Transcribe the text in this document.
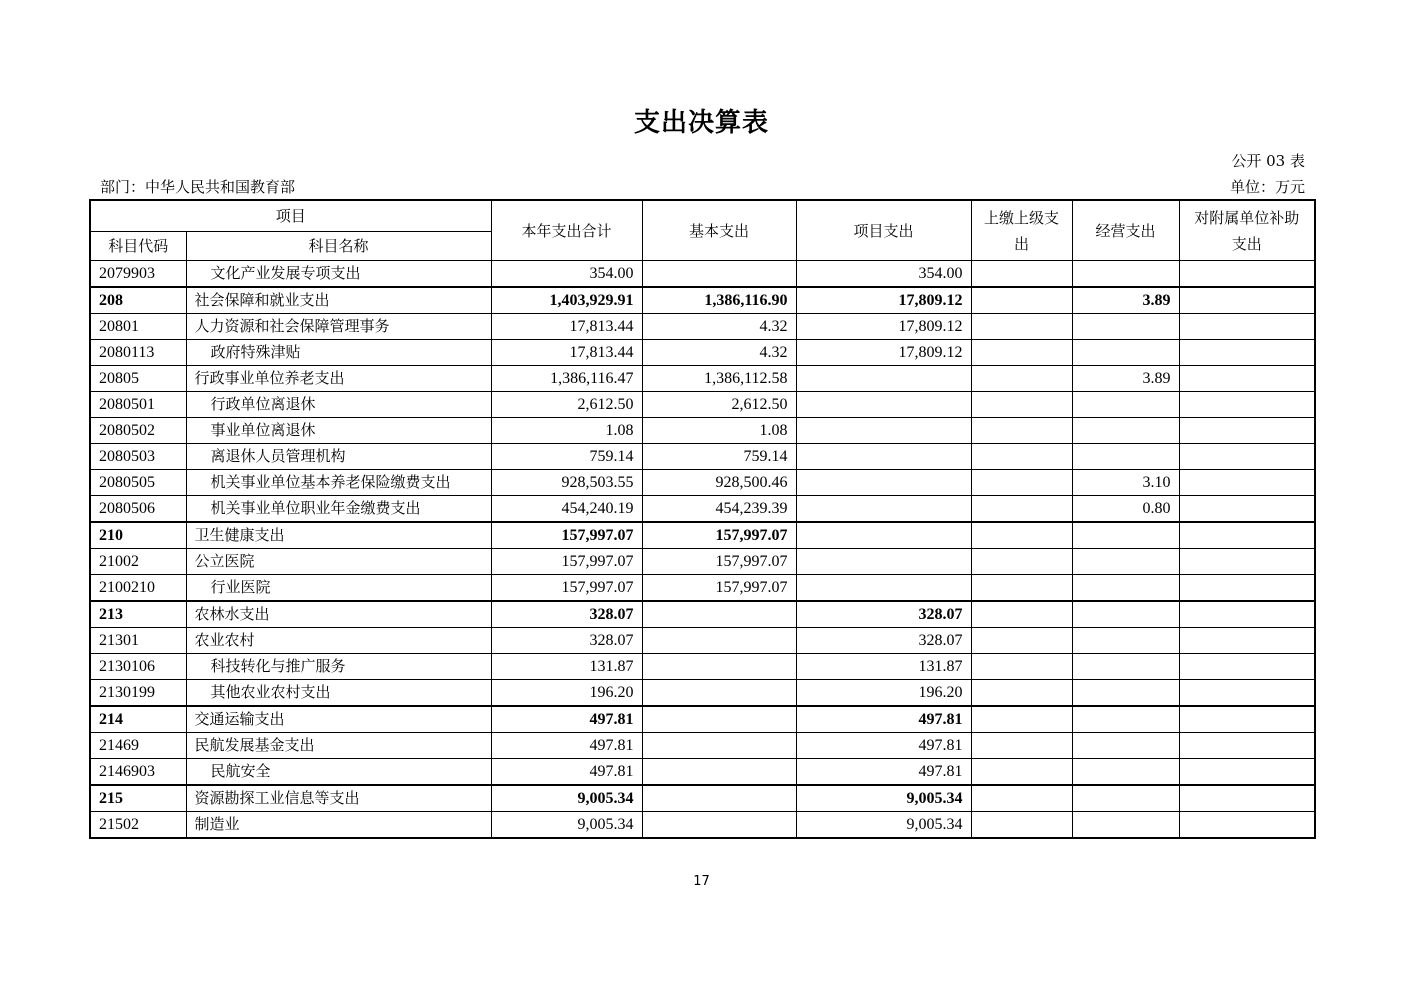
支出决算表
公开 03 表
部门：中华人民共和国教育部	单位：万元
项目		本年支出合计	基本支出	项目支出	上缴上级支出	经营支出	对附属单位补助支出
科目代码	科目名称						
2079903	文化产业发展专项支出	354.00		354.00			
208	社会保障和就业支出	1,403,929.91	1,386,116.90	17,809.12		3.89	
20801	人力资源和社会保障管理事务	17,813.44	4.32	17,809.12			
2080113	政府特殊津贴	17,813.44	4.32	17,809.12			
20805	行政事业单位养老支出	1,386,116.47	1,386,112.58			3.89	
2080501	行政单位离退休	2,612.50	2,612.50				
2080502	事业单位离退休	1.08	1.08				
2080503	离退休人员管理机构	759.14	759.14				
2080505	机关事业单位基本养老保险缴费支出	928,503.55	928,500.46			3.10	
2080506	机关事业单位职业年金缴费支出	454,240.19	454,239.39			0.80	
210	卫生健康支出	157,997.07	157,997.07				
21002	公立医院	157,997.07	157,997.07				
2100210	行业医院	157,997.07	157,997.07				
213	农林水支出	328.07		328.07			
21301	农业农村	328.07		328.07			
2130106	科技转化与推广服务	131.87		131.87			
2130199	其他农业农村支出	196.20		196.20			
214	交通运输支出	497.81		497.81			
21469	民航发展基金支出	497.81		497.81			
2146903	民航安全	497.81		497.81			
215	资源勘探工业信息等支出	9,005.34		9,005.34			
21502	制造业	9,005.34		9,005.34			
17
